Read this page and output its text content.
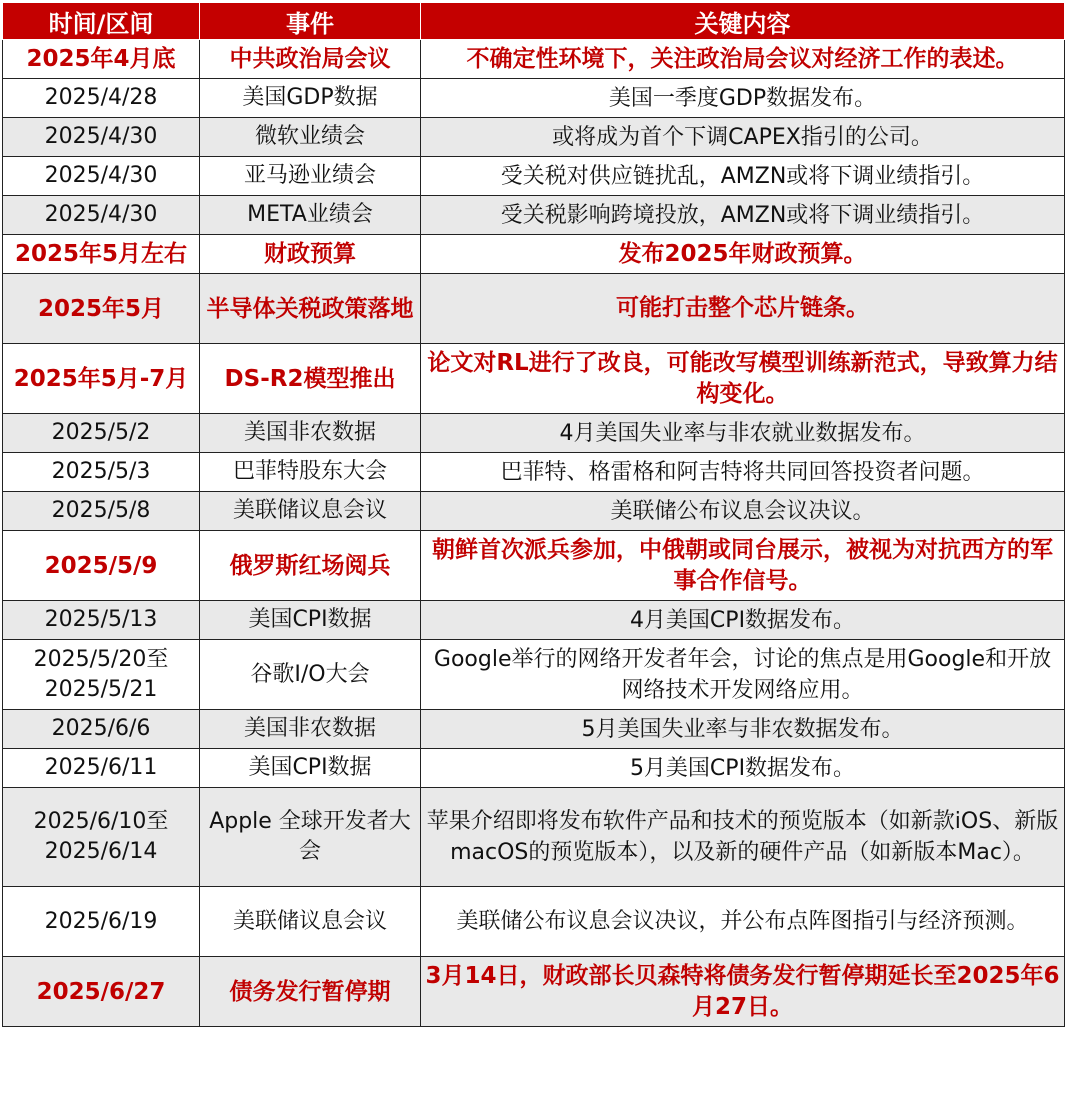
时间/区间	事件	关键内容
2025年4月底	中共政治局会议	不确定性环境下，关注政治局会议对经济工作的表述。
2025/4/28	美国GDP数据	美国一季度GDP数据发布。
2025/4/30	微软业绩会	或将成为首个下调CAPEX指引的公司。
2025/4/30	亚马逊业绩会	受关税对供应链扰乱，AMZN或将下调业绩指引。
2025/4/30	META业绩会	受关税影响跨境投放，AMZN或将下调业绩指引。
2025年5月左右	财政预算	发布2025年财政预算。
2025年5月	半导体关税政策落地	可能打击整个芯片链条。
2025年5月-7月	DS-R2模型推出	论文对RL进行了改良，可能改写模型训练新范式，导致算力结构变化。
2025/5/2	美国非农数据	4月美国失业率与非农就业数据发布。
2025/5/3	巴菲特股东大会	巴菲特、格雷格和阿吉特将共同回答投资者问题。
2025/5/8	美联储议息会议	美联储公布议息会议决议。
2025/5/9	俄罗斯红场阅兵	朝鲜首次派兵参加，中俄朝或同台展示，被视为对抗西方的军事合作信号。
2025/5/13	美国CPI数据	4月美国CPI数据发布。
2025/5/20至2025/5/21	谷歌I/O大会	Google举行的网络开发者年会，讨论的焦点是用Google和开放网络技术开发网络应用。
2025/6/6	美国非农数据	5月美国失业率与非农数据发布。
2025/6/11	美国CPI数据	5月美国CPI数据发布。
2025/6/10至2025/6/14	Apple 全球开发者大会	苹果介绍即将发布软件产品和技术的预览版本（如新款iOS、新版macOS的预览版本），以及新的硬件产品（如新版本Mac）。
2025/6/19	美联储议息会议	美联储公布议息会议决议，并公布点阵图指引与经济预测。
2025/6/27	债务发行暂停期	3月14日，财政部长贝森特将债务发行暂停期延长至2025年6月27日。
